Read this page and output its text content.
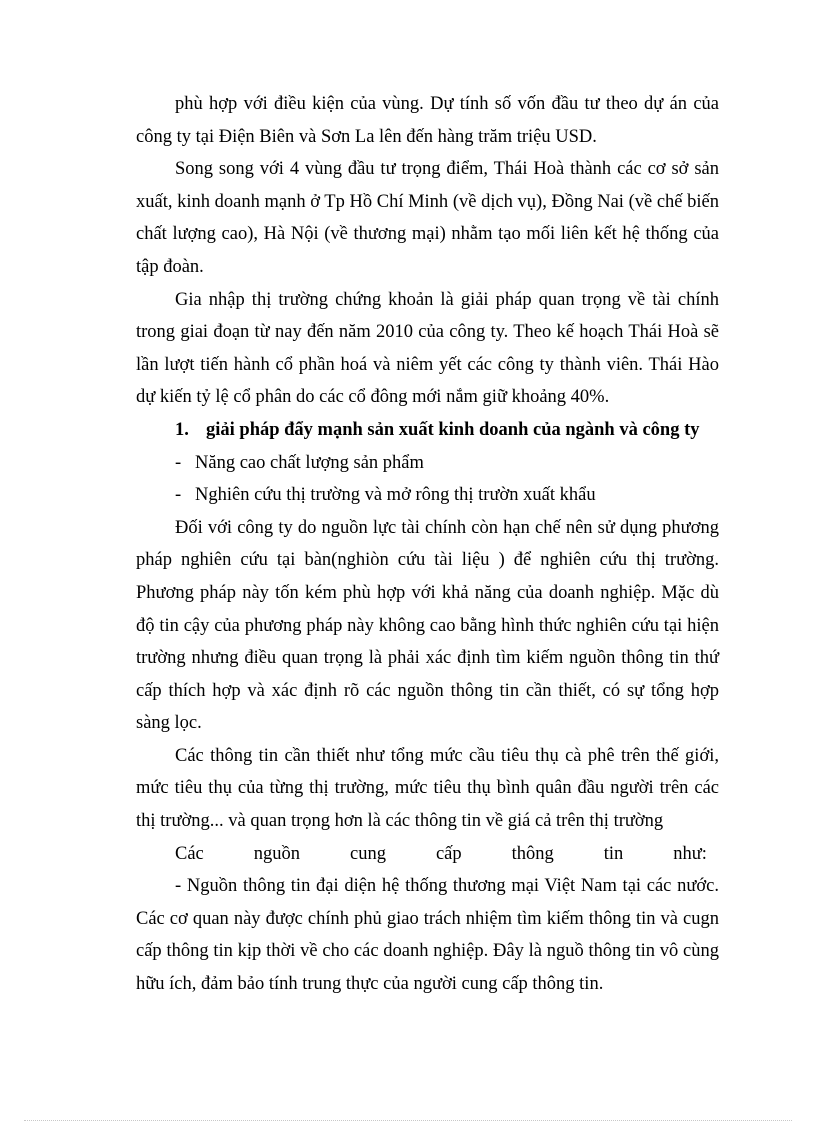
phù hợp với điều kiện của vùng. Dự tính số vốn đầu tư theo dự án của công ty tại Điện Biên và Sơn La lên đến hàng trăm triệu USD.

Song song với 4 vùng đầu tư trọng điểm, Thái Hoà thành các cơ sở sản xuất, kinh doanh mạnh ở Tp Hồ Chí Minh (về dịch vụ), Đồng Nai (về chế biến chất lượng cao), Hà Nội (về thương mại) nhằm tạo mối liên kết hệ thống của tập đoàn.

Gia nhập thị trường chứng khoản là giải pháp quan trọng về tài chính trong giai đoạn từ nay đến năm 2010 của công ty. Theo kế hoạch Thái Hoà sẽ lần lượt tiến hành cổ phần hoá và niêm yết các công ty thành viên. Thái Hào dự kiến tỷ lệ cổ phân do các cổ đông mới nắm giữ khoảng 40%.

1. giải pháp đẩy mạnh sản xuất kinh doanh của ngành và công ty

- Năng cao chất lượng sản phẩm

- Nghiên cứu thị trường và mở rông thị trườn xuất khẩu

Đối với công ty do nguồn lực tài chính còn hạn chế nên sử dụng phương pháp nghiên cứu tại bàn(nghiòn cứu tài liệu ) để nghiên cứu thị trường. Phương pháp này tốn kém phù hợp với khả năng của doanh nghiệp. Mặc dù độ tin cậy của phương pháp này không cao bằng hình thức nghiên cứu tại hiện trường nhưng điều quan trọng là phải xác định tìm kiếm nguồn thông tin thứ cấp thích hợp và xác định rõ các nguồn thông tin cần thiết, có sự tổng hợp sàng lọc.

Các thông tin cần thiết như tổng mức cầu tiêu thụ cà phê trên thế giới, mức tiêu thụ của từng thị trường, mức tiêu thụ bình quân đầu người trên các thị trường... và quan trọng hơn là các thông tin về giá cả trên thị trường

Các	nguồn	cung	cấp	thông	tin	như:

- Nguồn thông tin đại diện hệ thống thương mại Việt Nam tại các nước. Các cơ quan này được chính phủ giao trách nhiệm tìm kiếm thông tin và cugn cấp thông tin kịp thời về cho các doanh nghiệp. Đây là nguồ thông tin vô cùng hữu ích, đảm bảo tính trung thực của người cung cấp thông tin.
